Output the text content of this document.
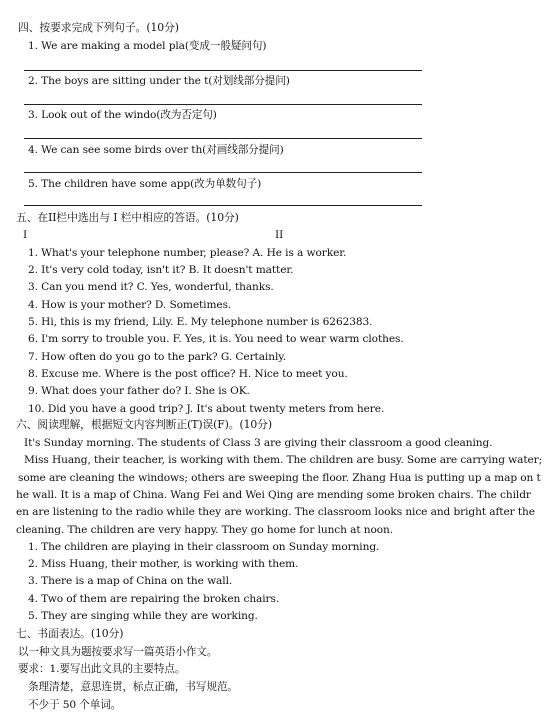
四、按要求完成下列句子。(10分)
1. We are making a model pla(变成一般疑问句)
2. The boys are sitting under the t(对划线部分提问)
3. Look out of the windo(改为否定句)
4. We can see some birds over th(对画线部分提问)
5. The children have some app(改为单数句子)
五、在II栏中选出与 I 栏中相应的答语。(10分)
I	II
1. What's your telephone number, please? A. He is a worker.
2. It's very cold today, isn't it? B. It doesn't matter.
3. Can you mend it? C. Yes, wonderful, thanks.
4. How is your mother? D. Sometimes.
5. Hi, this is my friend, Lily. E. My telephone number is 6262383.
6. I'm sorry to trouble you. F. Yes, it is. You need to wear warm clothes.
7. How often do you go to the park? G. Certainly.
8. Excuse me. Where is the post office? H. Nice to meet you.
9. What does your father do? I. She is OK.
10. Did you have a good trip? J. It's about twenty meters from here.
六、阅读理解，根据短文内容判断正(T)误(F)。(10分)
It's Sunday morning. The students of Class 3 are giving their classroom a good cleaning.
Miss Huang, their teacher, is working with them. The children are busy. Some are carrying water;
some are cleaning the windows; others are sweeping the floor. Zhang Hua is putting up a map on t
he wall. It is a map of China. Wang Fei and Wei Qing are mending some broken chairs. The childr
en are listening to the radio while they are working. The classroom looks nice and bright after the
cleaning. The children are very happy. They go home for lunch at noon.
1. The children are playing in their classroom on Sunday morning.
2. Miss Huang, their mother, is working with them.
3. There is a map of China on the wall.
4. Two of them are repairing the broken chairs.
5. They are singing while they are working.
七、书面表达。(10分)
以一种文具为题按要求写一篇英语小作文。
要求：1.要写出此文具的主要特点。
条理清楚，意思连贯，标点正确，书写规范。
不少于 50 个单词。
